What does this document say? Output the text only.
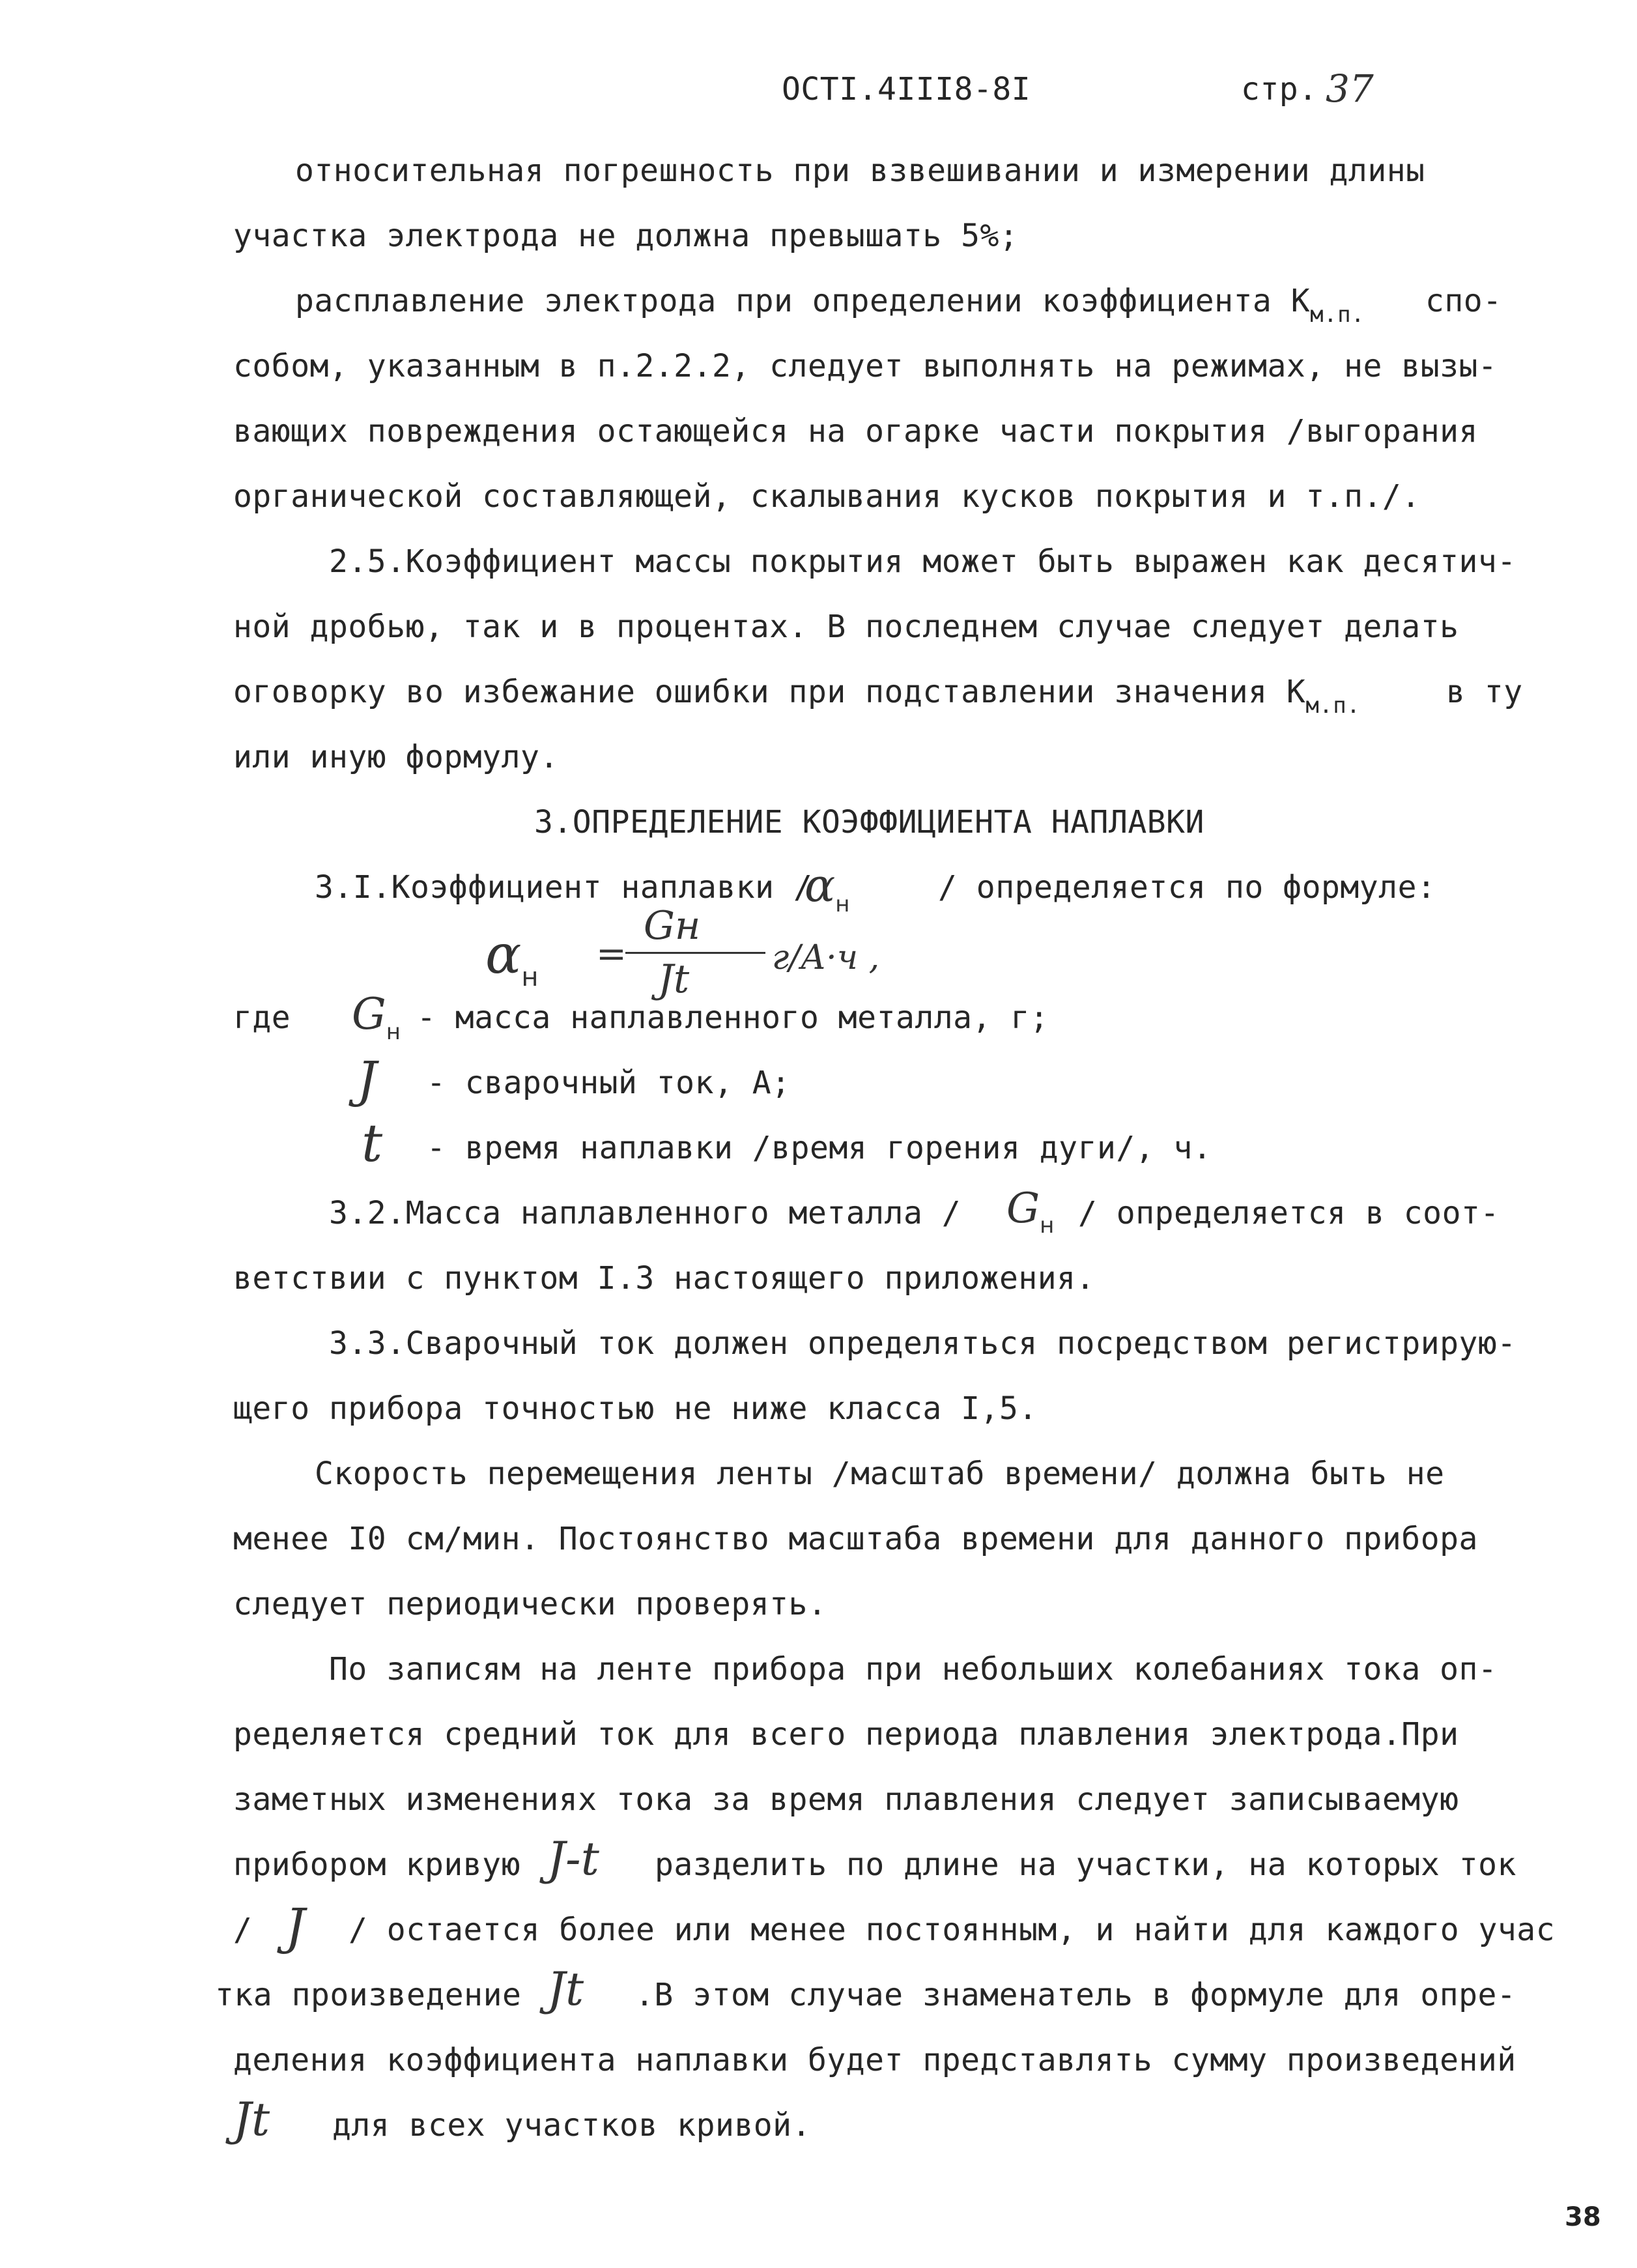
ОСТI.4III8-8I	стр. 37
относительная погрешность при взвешивании и измерении длины
участка электрода не должна превышать 5%;
расплавление электрода при определении коэффициента $К_{м.п.}$ спо-
собом, указанным в п.2.2.2, следует выполнять на режимах, не вызы-
вающих повреждения остающейся на огарке части покрытия /выгорания
органической составляющей, скалывания кусков покрытия и т.п./.
2.5.Коэффициент массы покрытия может быть выражен как десятич-
ной дробью, так и в процентах. В последнем случае следует делать
оговорку во избежание ошибки при подставлении значения $К_{м.п.}$	в ту
или иную формулу.
3.ОПРЕДЕЛЕНИЕ КОЭФФИЦИЕНТА НАПЛАВКИ
3.I.Коэффициент наплавки /
$\alpha_н$	/ определяется по формуле:
$\alpha_н$
=
Gн
Jt г/А·ч ,
где $G_н$ - масса наплавленного металла, г;
J - сварочный ток, А;
t - время наплавки /время горения дуги/, ч.
3.2.Масса наплавленного металла / $G_н$ / определяется в соот-
ветствии с пунктом I.3 настоящего приложения.
3.3.Сварочный ток должен определяться посредством регистрирую-
щего прибора точностью не ниже класса I,5.
Скорость перемещения ленты /масштаб времени/ должна быть не
менее I0 см/мин. Постоянство масштаба времени для данного прибора
следует периодически проверять.
По записям на ленте прибора при небольших колебаниях тока оп-
ределяется средний ток для всего периода плавления электрода.При
заметных изменениях тока за время плавления следует записываемую
прибором кривую J-t разделить по длине на участки, на которых ток
/ J / остается более или менее постоянным, и найти для каждого учас
тка произведение Jt .В этом случае знаменатель в формуле для опре-
деления коэффициента наплавки будет представлять сумму произведений
Jt для всех участков кривой.
38
